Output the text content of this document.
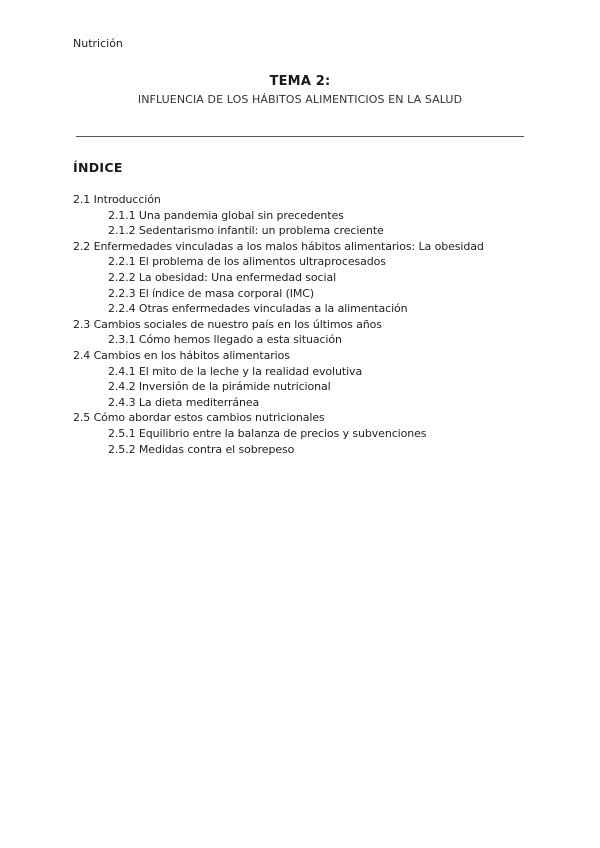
Nutrición
TEMA 2:
INFLUENCIA DE LOS HÁBITOS ALIMENTICIOS EN LA SALUD
ÍNDICE
2.1 Introducción
2.1.1 Una pandemia global sin precedentes
2.1.2 Sedentarismo infantil: un problema creciente
2.2 Enfermedades vinculadas a los malos hábitos alimentarios: La obesidad
2.2.1 El problema de los alimentos ultraprocesados
2.2.2 La obesidad: Una enfermedad social
2.2.3 El índice de masa corporal (IMC)
2.2.4 Otras enfermedades vinculadas a la alimentación
2.3 Cambios sociales de nuestro país en los últimos años
2.3.1 Cómo hemos llegado a esta situación
2.4 Cambios en los hábitos alimentarios
2.4.1 El mito de la leche y la realidad evolutiva
2.4.2 Inversión de la pirámide nutricional
2.4.3 La dieta mediterránea
2.5 Cómo abordar estos cambios nutricionales
2.5.1 Equilibrio entre la balanza de precios y subvenciones
2.5.2 Medidas contra el sobrepeso
